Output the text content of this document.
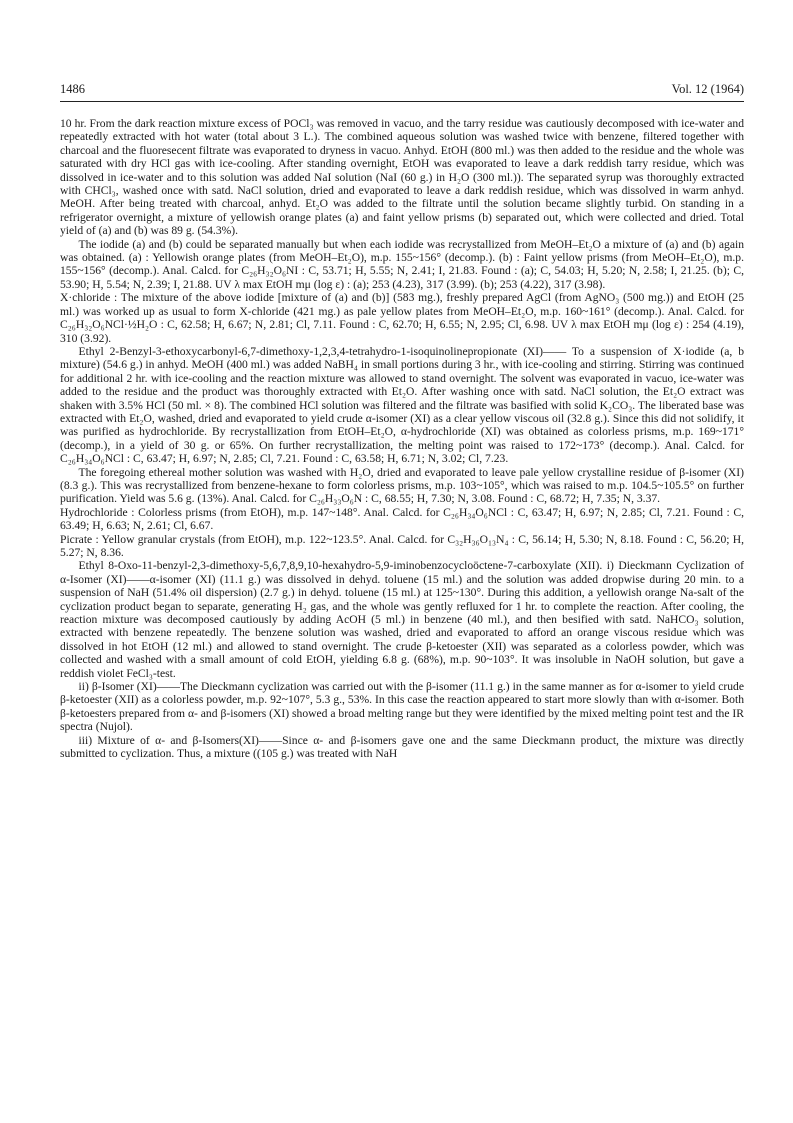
1486	Vol. 12 (1964)

10 hr. From the dark reaction mixture excess of POCl₃ was removed in vacuo, and the tarry residue was cautiously decomposed with ice-water and repeatedly extracted with hot water (total about 3 L.). The combined aqueous solution was washed twice with benzene, filtered together with charcoal and the fluoresecent filtrate was evaporated to dryness in vacuo. Anhyd. EtOH (800 ml.) was then added to the residue and the whole was saturated with dry HCl gas with ice-cooling. After standing overnight, EtOH was evaporated to leave a dark reddish tarry residue, which was dissolved in ice-water and to this solution was added NaI solution (NaI (60 g.) in H₂O (300 ml.)). The separated syrup was thoroughly extracted with CHCl₃, washed once with satd. NaCl solution, dried and evaporated to leave a dark reddish residue, which was dissolved in warm anhyd. MeOH. After being treated with charcoal, anhyd. Et₂O was added to the filtrate until the solution became slightly turbid. On standing in a refrigerator overnight, a mixture of yellowish orange plates (a) and faint yellow prisms (b) separated out, which were collected and dried. Total yield of (a) and (b) was 89 g. (54.3%).

The iodide (a) and (b) could be separated manually but when each iodide was recrystallized from MeOH–Et₂O a mixture of (a) and (b) again was obtained. (a) : Yellowish orange plates (from MeOH–Et₂O), m.p. 155~156° (decomp.). (b) : Faint yellow prisms (from MeOH–Et₂O), m.p. 155~156° (decomp.). Anal. Calcd. for C₂₆H₃₂O₆NI : C, 53.71; H, 5.55; N, 2.41; I, 21.83. Found : (a); C, 54.03; H, 5.20; N, 2.58; I, 21.25. (b); C, 53.90; H, 5.54; N, 2.39; I, 21.88. UV λ max EtOH mμ (log ε) : (a); 253 (4.23), 317 (3.99). (b); 253 (4.22), 317 (3.98).

X·chloride : The mixture of the above iodide [mixture of (a) and (b)] (583 mg.), freshly prepared AgCl (from AgNO₃ (500 mg.)) and EtOH (25 ml.) was worked up as usual to form X-chloride (421 mg.) as pale yellow plates from MeOH–Et₂O, m.p. 160~161° (decomp.). Anal. Calcd. for C₂₆H₃₂O₆NCl·½H₂O : C, 62.58; H, 6.67; N, 2.81; Cl, 7.11. Found : C, 62.70; H, 6.55; N, 2.95; Cl, 6.98. UV λ max EtOH mμ (log ε) : 254 (4.19), 310 (3.92).

Ethyl 2-Benzyl-3-ethoxycarbonyl-6,7-dimethoxy-1,2,3,4-tetrahydro-1-isoquinolinepropionate (XI)—— To a suspension of X·iodide (a, b mixture) (54.6 g.) in anhyd. MeOH (400 ml.) was added NaBH₄ in small portions during 3 hr., with ice-cooling and stirring. Stirring was continued for additional 2 hr. with ice-cooling and the reaction mixture was allowed to stand overnight. The solvent was evaporated in vacuo, ice-water was added to the residue and the product was thoroughly extracted with Et₂O. After washing once with satd. NaCl solution, the Et₂O extract was shaken with 3.5% HCl (50 ml. × 8). The combined HCl solution was filtered and the filtrate was basified with solid K₂CO₃. The liberated base was extracted with Et₂O, washed, dried and evaporated to yield crude α-isomer (XI) as a clear yellow viscous oil (32.8 g.). Since this did not solidify, it was purified as hydrochloride. By recrystallization from EtOH–Et₂O, α-hydrochloride (XI) was obtained as colorless prisms, m.p. 169~171° (decomp.), in a yield of 30 g. or 65%. On further recrystallization, the melting point was raised to 172~173° (decomp.). Anal. Calcd. for C₂₆H₃₄O₆NCl : C, 63.47; H, 6.97; N, 2.85; Cl, 7.21. Found : C, 63.58; H, 6.71; N, 3.02; Cl, 7.23.

The foregoing ethereal mother solution was washed with H₂O, dried and evaporated to leave pale yellow crystalline residue of β-isomer (XI) (8.3 g.). This was recrystallized from benzene-hexane to form colorless prisms, m.p. 103~105°, which was raised to m.p. 104.5~105.5° on further purification. Yield was 5.6 g. (13%). Anal. Calcd. for C₂₆H₃₃O₆N : C, 68.55; H, 7.30; N, 3.08. Found : C, 68.72; H, 7.35; N, 3.37.

Hydrochloride : Colorless prisms (from EtOH), m.p. 147~148°. Anal. Calcd. for C₂₆H₃₄O₆NCl : C, 63.47; H, 6.97; N, 2.85; Cl, 7.21. Found : C, 63.49; H, 6.63; N, 2.61; Cl, 6.67.

Picrate : Yellow granular crystals (from EtOH), m.p. 122~123.5°. Anal. Calcd. for C₃₂H₃₆O₁₃N₄ : C, 56.14; H, 5.30; N, 8.18. Found : C, 56.20; H, 5.27; N, 8.36.

Ethyl 8-Oxo-11-benzyl-2,3-dimethoxy-5,6,7,8,9,10-hexahydro-5,9-iminobenzocycloöctene-7-carboxylate (XII). i) Dieckmann Cyclization of α-Isomer (XI)——α-isomer (XI) (11.1 g.) was dissolved in dehyd. toluene (15 ml.) and the solution was added dropwise during 20 min. to a suspension of NaH (51.4% oil dispersion) (2.7 g.) in dehyd. toluene (15 ml.) at 125~130°. During this addition, a yellowish orange Na-salt of the cyclization product began to separate, generating H₂ gas, and the whole was gently refluxed for 1 hr. to complete the reaction. After cooling, the reaction mixture was decomposed cautiously by adding AcOH (5 ml.) in benzene (40 ml.), and then besified with satd. NaHCO₃ solution, extracted with benzene repeatedly. The benzene solution was washed, dried and evaporated to afford an orange viscous residue which was dissolved in hot EtOH (12 ml.) and allowed to stand overnight. The crude β-ketoester (XII) was separated as a colorless powder, which was collected and washed with a small amount of cold EtOH, yielding 6.8 g. (68%), m.p. 90~103°. It was insoluble in NaOH solution, but gave a reddish violet FeCl₃-test.

ii) β-Isomer (XI)——The Dieckmann cyclization was carried out with the β-isomer (11.1 g.) in the same manner as for α-isomer to yield crude β-ketoester (XII) as a colorless powder, m.p. 92~107°, 5.3 g., 53%. In this case the reaction appeared to start more slowly than with α-isomer. Both β-ketoesters prepared from α- and β-isomers (XI) showed a broad melting range but they were identified by the mixed melting point test and the IR spectra (Nujol).

iii) Mixture of α- and β-Isomers(XI)——Since α- and β-isomers gave one and the same Dieckmann product, the mixture was directly submitted to cyclization. Thus, a mixture ((105 g.) was treated with NaH
